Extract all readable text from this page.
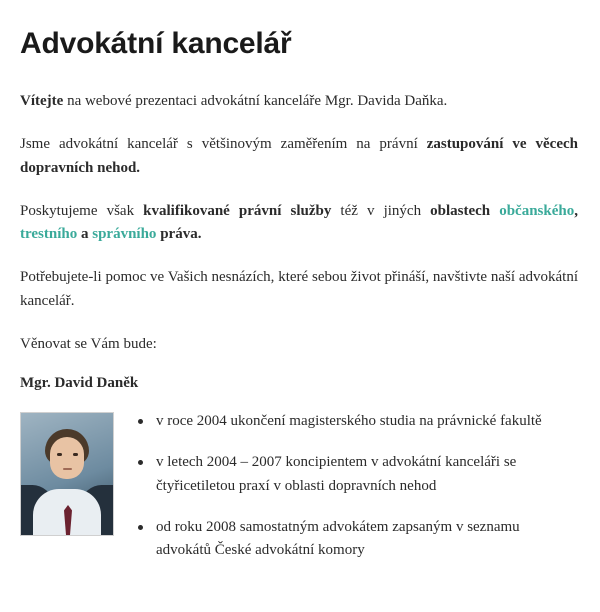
Advokátní kancelář

Vítejte na webové prezentaci advokátní kanceláře Mgr. Davida Daňka.

Jsme advokátní kancelář s většinovým zaměřením na právní zastupování ve věcech dopravních nehod.

Poskytujeme však kvalifikované právní služby též v jiných oblastech občanského, trestního a správního práva.

Potřebujete-li pomoc ve Vašich nesnázích, které sebou život přináší, navštivte naší advokátní kancelář.

Věnovat se Vám bude:

Mgr. David Daněk
v roce 2004 ukončení magisterského studia na právnické fakultě
v letech 2004 – 2007 koncipientem v advokátní kanceláři se čtyřicetiletou praxí v oblasti dopravních nehod
od roku 2008 samostatným advokátem zapsaným v seznamu advokátů České advokátní komory
